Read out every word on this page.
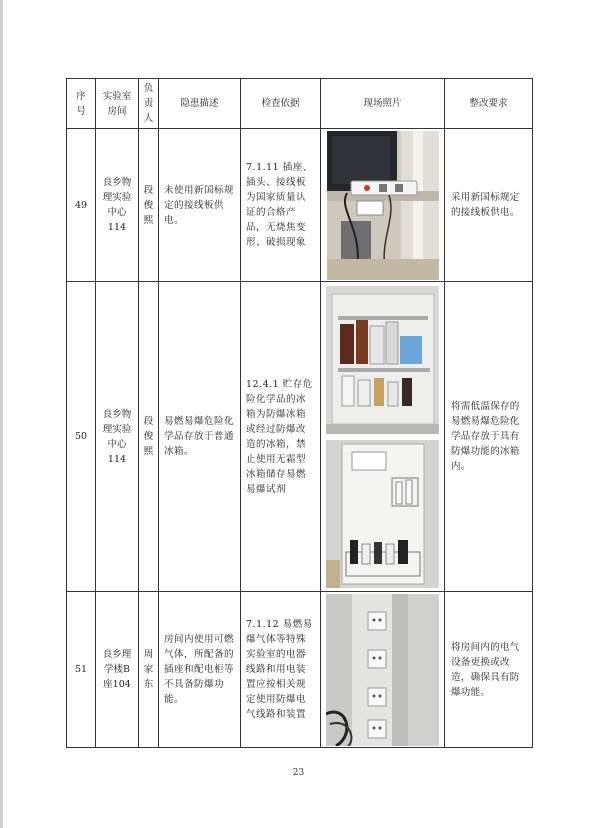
序
号	实验室
房间	负
责
人	隐患描述	检查依据	现场照片	整改要求
49	良乡物
理实验
中心
114	段
俊
熙	未使用新国标规定的接线板供电。	7.1.11 插座、插头、接线板为国家质量认证的合格产品，无烧焦变形、破损现象		采用新国标规定的接线板供电。
50	良乡物
理实验
中心
114	段
俊
熙	易燃易爆危险化学品存放于普通冰箱。	12.4.1 贮存危险化学品的冰箱为防爆冰箱或经过防爆改造的冰箱，禁止使用无霜型冰箱储存易燃易爆试剂		将需低温保存的易燃易爆危险化学品存放于具有防爆功能的冰箱内。
51	良乡理
学楼B
座104	周
家
东	房间内使用可燃气体，所配备的插座和配电柜等不具备防爆功能。	7.1.12 易燃易爆气体等特殊实验室的电器线路和用电装置应按相关规定使用防爆电气线路和装置		将房间内的电气设备更换或改造，确保具有防爆功能。
23
